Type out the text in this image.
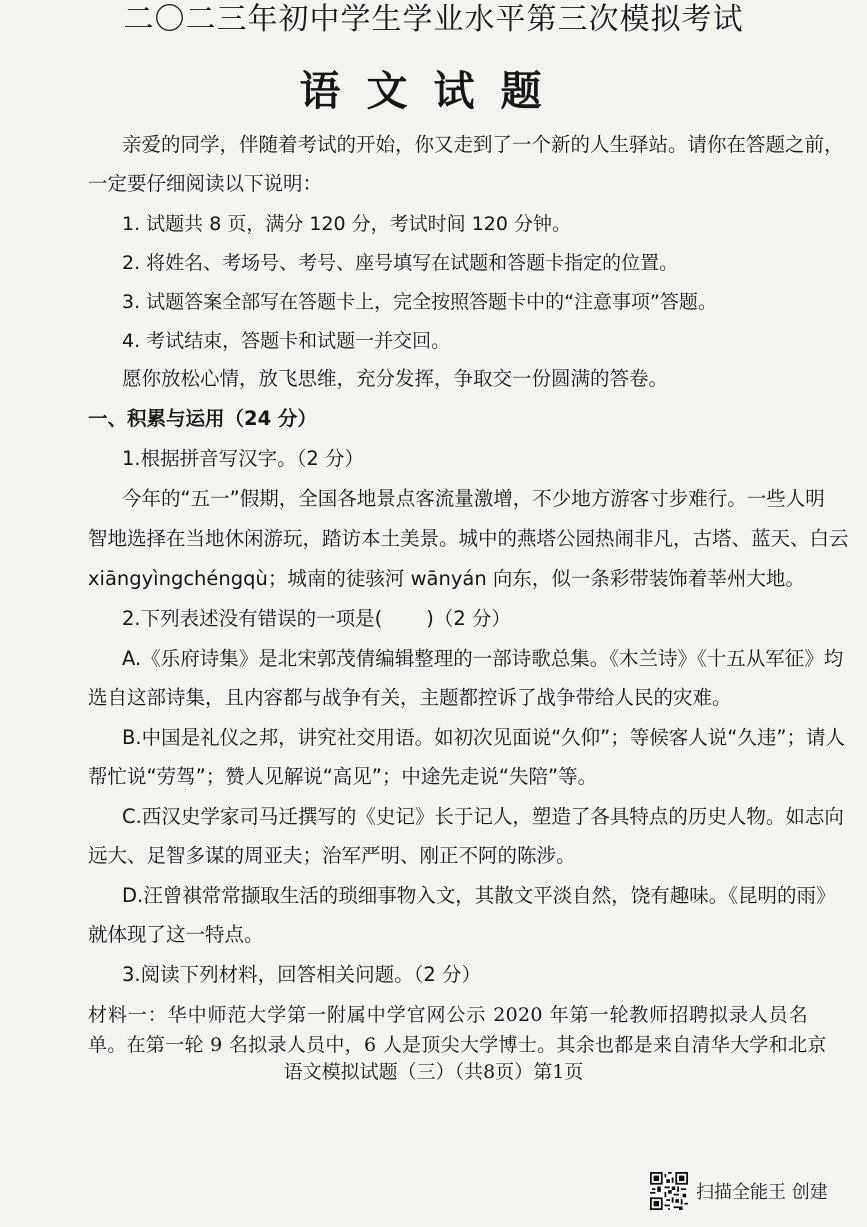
二〇二三年初中学生学业水平第三次模拟考试
语文试题
亲爱的同学，伴随着考试的开始，你又走到了一个新的人生驿站。请你在答题之前，
一定要仔细阅读以下说明：
1. 试题共 8 页，满分 120 分，考试时间 120 分钟。
2. 将姓名、考场号、考号、座号填写在试题和答题卡指定的位置。
3. 试题答案全部写在答题卡上，完全按照答题卡中的“注意事项”答题。
4. 考试结束，答题卡和试题一并交回。
愿你放松心情，放飞思维，充分发挥，争取交一份圆满的答卷。
一、积累与运用（24 分）
1.根据拼音写汉字。（2 分）
今年的“五一”假期，全国各地景点客流量激增，不少地方游客寸步难行。一些人明
智地选择在当地休闲游玩，踏访本土美景。城中的燕塔公园热闹非凡，古塔、蓝天、白云
xiāngyìngchéngqù；城南的徒骇河 wānyán 向东，似一条彩带装饰着莘州大地。
2.下列表述没有错误的一项是( )（2 分）
A.《乐府诗集》是北宋郭茂倩编辑整理的一部诗歌总集。《木兰诗》《十五从军征》均
选自这部诗集，且内容都与战争有关，主题都控诉了战争带给人民的灾难。
B.中国是礼仪之邦，讲究社交用语。如初次见面说“久仰”；等候客人说“久违”；请人
帮忙说“劳驾”；赞人见解说“高见”；中途先走说“失陪”等。
C.西汉史学家司马迁撰写的《史记》长于记人，塑造了各具特点的历史人物。如志向
远大、足智多谋的周亚夫；治军严明、刚正不阿的陈涉。
D.汪曾祺常常撷取生活的琐细事物入文，其散文平淡自然，饶有趣味。《昆明的雨》
就体现了这一特点。
3.阅读下列材料，回答相关问题。（2 分）
材料一：华中师范大学第一附属中学官网公示 2020 年第一轮教师招聘拟录人员名
单。在第一轮 9 名拟录人员中，6 人是顶尖大学博士。其余也都是来自清华大学和北京
语文模拟试题（三）（共8页）第1页
扫描全能王 创建
